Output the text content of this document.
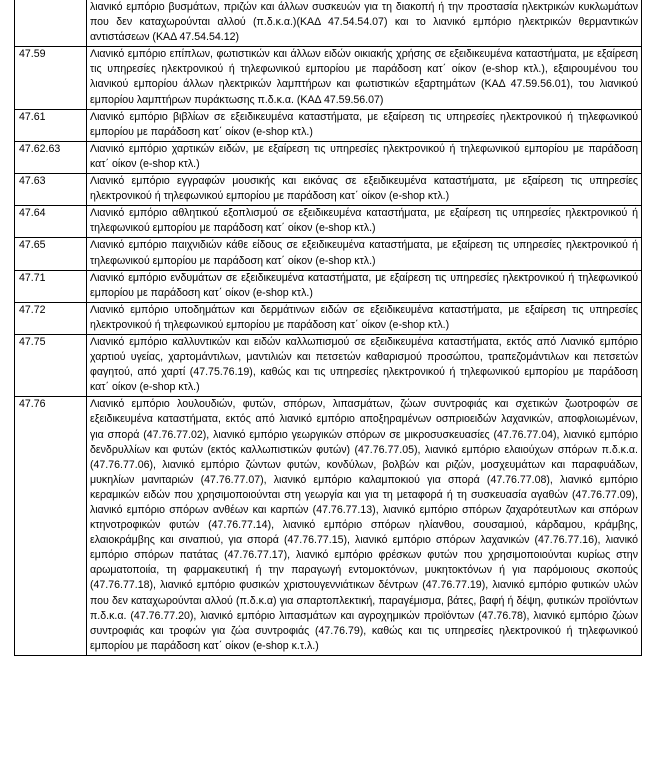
	λιανικό εμπόριο βυσμάτων, πριζών και άλλων συσκευών για τη διακοπή ή την προστασία ηλεκτρικών κυκλωμάτων που δεν καταχωρούνται αλλού (π.δ.κ.α.)(ΚΑΔ 47.54.54.07) και το λιανικό εμπόριο ηλεκτρικών θερμαντικών αντιστάσεων (ΚΑΔ 47.54.54.12)
47.59	Λιανικό εμπόριο επίπλων, φωτιστικών και άλλων ειδών οικιακής χρήσης σε εξειδικευμένα καταστήματα, με εξαίρεση τις υπηρεσίες ηλεκτρονικού ή τηλεφωνικού εμπορίου με παράδοση κατ΄ οίκον (e-shop κτλ.), εξαιρουμένου του λιανικού εμπορίου άλλων ηλεκτρικών λαμπτήρων και φωτιστικών εξαρτημάτων (ΚΑΔ 47.59.56.01), του λιανικού εμπορίου λαμπτήρων πυράκτωσης π.δ.κ.α. (ΚΑΔ 47.59.56.07)
47.61	Λιανικό εμπόριο βιβλίων σε εξειδικευμένα καταστήματα, με εξαίρεση τις υπηρεσίες ηλεκτρονικού ή τηλεφωνικού εμπορίου με παράδοση κατ΄ οίκον (e-shop κτλ.)
47.62.63	Λιανικό εμπόριο χαρτικών ειδών, με εξαίρεση τις υπηρεσίες ηλεκτρονικού ή τηλεφωνικού εμπορίου με παράδοση κατ΄ οίκον (e-shop κτλ.)
47.63	Λιανικό εμπόριο εγγραφών μουσικής και εικόνας σε εξειδικευμένα καταστήματα, με εξαίρεση τις υπηρεσίες ηλεκτρονικού ή τηλεφωνικού εμπορίου με παράδοση κατ΄ οίκον (e-shop κτλ.)
47.64	Λιανικό εμπόριο αθλητικού εξοπλισμού σε εξειδικευμένα καταστήματα, με εξαίρεση τις υπηρεσίες ηλεκτρονικού ή τηλεφωνικού εμπορίου με παράδοση κατ΄ οίκον (e-shop κτλ.)
47.65	Λιανικό εμπόριο παιχνιδιών κάθε είδους σε εξειδικευμένα καταστήματα, με εξαίρεση τις υπηρεσίες ηλεκτρονικού ή τηλεφωνικού εμπορίου με παράδοση κατ΄ οίκον (e-shop κτλ.)
47.71	Λιανικό εμπόριο ενδυμάτων σε εξειδικευμένα καταστήματα, με εξαίρεση τις υπηρεσίες ηλεκτρονικού ή τηλεφωνικού εμπορίου με παράδοση κατ΄ οίκον (e-shop κτλ.)
47.72	Λιανικό εμπόριο υποδημάτων και δερμάτινων ειδών σε εξειδικευμένα καταστήματα, με εξαίρεση τις υπηρεσίες ηλεκτρονικού ή τηλεφωνικού εμπορίου με παράδοση κατ΄ οίκον (e-shop κτλ.)
47.75	Λιανικό εμπόριο καλλυντικών και ειδών καλλωπισμού σε εξειδικευμένα καταστήματα, εκτός από Λιανικό εμπόριο χαρτιού υγείας, χαρτομάντιλων, μαντιλιών και πετσετών καθαρισμού προσώπου, τραπεζομάντιλων και πετσετών φαγητού, από χαρτί (47.75.76.19), καθώς και τις υπηρεσίες ηλεκτρονικού ή τηλεφωνικού εμπορίου με παράδοση κατ΄ οίκον (e-shop κτλ.)
47.76	Λιανικό εμπόριο λουλουδιών, φυτών, σπόρων, λιπασμάτων, ζώων συντροφιάς και σχετικών ζωοτροφών σε εξειδικευμένα καταστήματα, εκτός από λιανικό εμπόριο αποξηραμένων οσπριοειδών λαχανικών, αποφλοιωμένων, για σπορά (47.76.77.02), λιανικό εμπόριο γεωργικών σπόρων σε μικροσυσκευασίες (47.76.77.04), λιανικό εμπόριο δενδρυλλίων και φυτών (εκτός καλλωπιστικών φυτών) (47.76.77.05), λιανικό εμπόριο ελαιούχων σπόρων π.δ.κ.α. (47.76.77.06), λιανικό εμπόριο ζώντων φυτών, κονδύλων, βολβών και ριζών, μοσχευμάτων και παραφυάδων, μυκηλίων μανιταριών (47.76.77.07), λιανικό εμπόριο καλαμποκιού για σπορά (47.76.77.08), λιανικό εμπόριο κεραμικών ειδών που χρησιμοποιούνται στη γεωργία και για τη μεταφορά ή τη συσκευασία αγαθών (47.76.77.09), λιανικό εμπόριο σπόρων ανθέων και καρπών (47.76.77.13), λιανικό εμπόριο σπόρων ζαχαρότευτλων και σπόρων κτηνοτροφικών φυτών (47.76.77.14), λιανικό εμπόριο σπόρων ηλίανθου, σουσαμιού, κάρδαμου, κράμβης, ελαιοκράμβης και σιναπιού, για σπορά (47.76.77.15), λιανικό εμπόριο σπόρων λαχανικών (47.76.77.16), λιανικό εμπόριο σπόρων πατάτας (47.76.77.17), λιανικό εμπόριο φρέσκων φυτών που χρησιμοποιούνται κυρίως στην αρωματοποιία, τη φαρμακευτική ή την παραγωγή εντομοκτόνων, μυκητοκτόνων ή για παρόμοιους σκοπούς (47.76.77.18), λιανικό εμπόριο φυσικών χριστουγεννιάτικων δέντρων (47.76.77.19), λιανικό εμπόριο φυτικών υλών που δεν καταχωρούνται αλλού (π.δ.κ.α) για σπαρτοπλεκτική, παραγέμισμα, βάτες, βαφή ή δέψη, φυτικών προϊόντων π.δ.κ.α. (47.76.77.20), λιανικό εμπόριο λιπασμάτων και αγροχημικών προϊόντων (47.76.78), λιανικό εμπόριο ζώων συντροφιάς και τροφών για ζώα συντροφιάς (47.76.79), καθώς και τις υπηρεσίες ηλεκτρονικού ή τηλεφωνικού εμπορίου με παράδοση κατ΄ οίκον (e-shop κ.τ.λ.)
